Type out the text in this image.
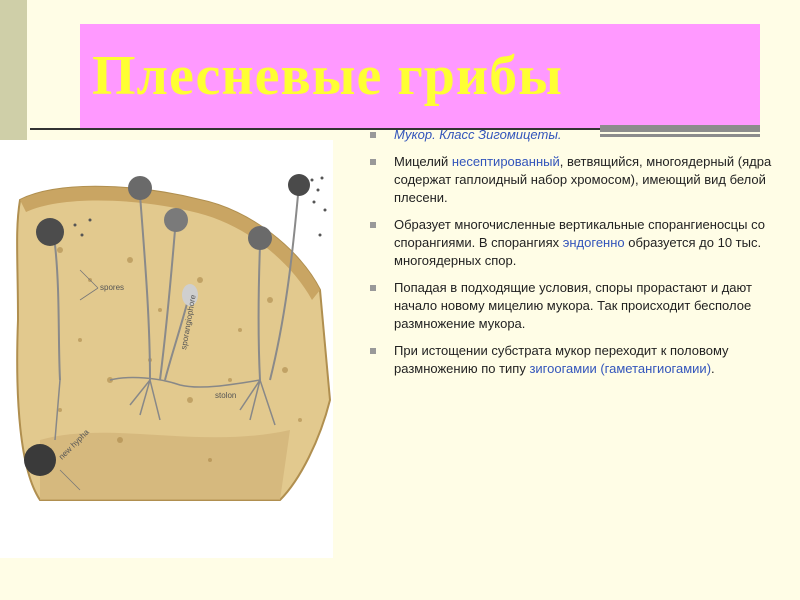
Плесневые грибы
spores
sporangiophore
stolon
new hypha
Мукор. Класс Зигомицеты.
Мицелий несептированный, ветвящийся, многоядерный (ядра содержат гаплоидный набор хромосом), имеющий вид белой плесени.
Образует многочисленные вертикальные спорангиеносцы со спорангиями. В спорангиях эндогенно образуется до 10 тыс. многоядерных спор.
Попадая в подходящие условия, споры прорастают и дают начало новому мицелию мукора. Так происходит бесполое размножение мукора.
При истощении субстрата мукор переходит к половому размножению по типу зигоогамии (гаметангиогамии).
